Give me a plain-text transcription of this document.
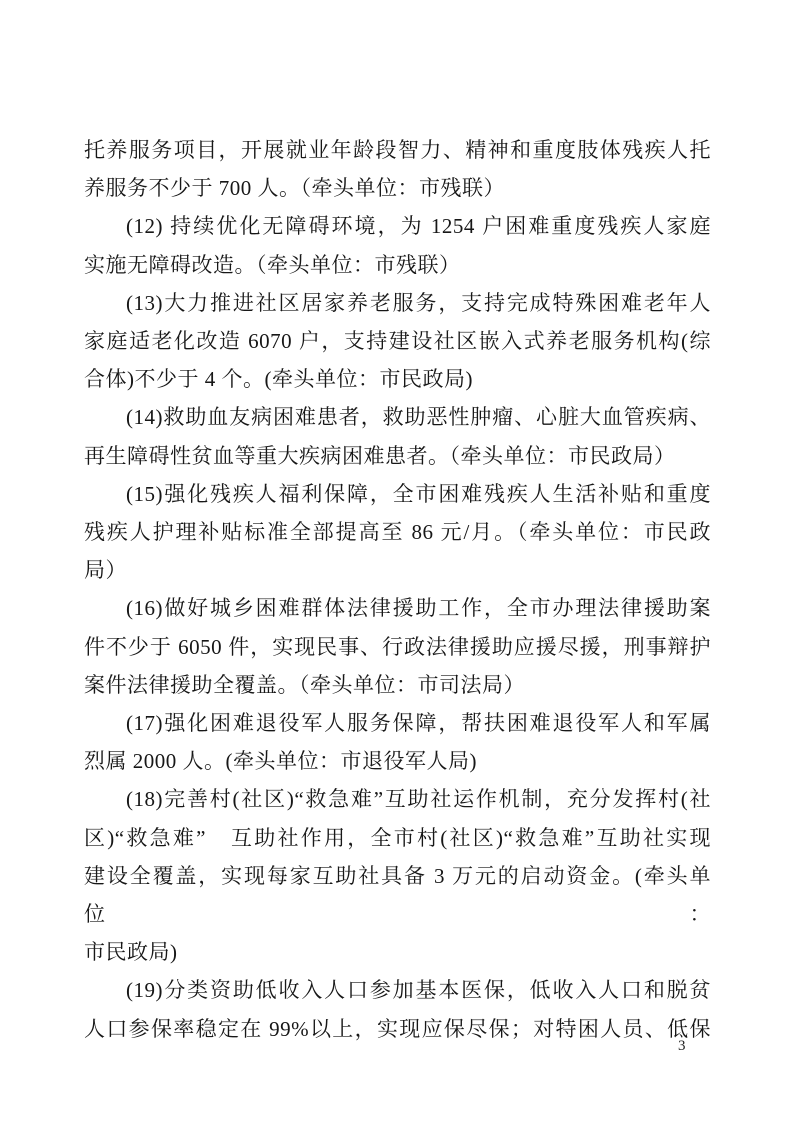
托养服务项目，开展就业年龄段智力、精神和重度肢体残疾人托
养服务不少于 700 人。（牵头单位：市残联）
(12) 持续优化无障碍环境，为 1254 户困难重度残疾人家庭
实施无障碍改造。（牵头单位：市残联）
(13)大力推进社区居家养老服务，支持完成特殊困难老年人
家庭适老化改造 6070 户，支持建设社区嵌入式养老服务机构(综
合体)不少于 4 个。(牵头单位：市民政局)
(14)救助血友病困难患者，救助恶性肿瘤、心脏大血管疾病、
再生障碍性贫血等重大疾病困难患者。（牵头单位：市民政局）
(15)强化残疾人福利保障，全市困难残疾人生活补贴和重度
残疾人护理补贴标准全部提高至 86 元/月。（牵头单位：市民政
局）
(16)做好城乡困难群体法律援助工作，全市办理法律援助案
件不少于 6050 件，实现民事、行政法律援助应援尽援，刑事辩护
案件法律援助全覆盖。（牵头单位：市司法局）
(17)强化困难退役军人服务保障，帮扶困难退役军人和军属
烈属 2000 人。(牵头单位：市退役军人局)
(18)完善村(社区)“救急难”互助社运作机制，充分发挥村(社
区)“救急难”　互助社作用，全市村(社区)“救急难”互助社实现
建设全覆盖，实现每家互助社具备 3 万元的启动资金。(牵头单位：
市民政局)
(19)分类资助低收入人口参加基本医保，低收入人口和脱贫
人口参保率稳定在 99%以上，实现应保尽保；对特困人员、低保
3
